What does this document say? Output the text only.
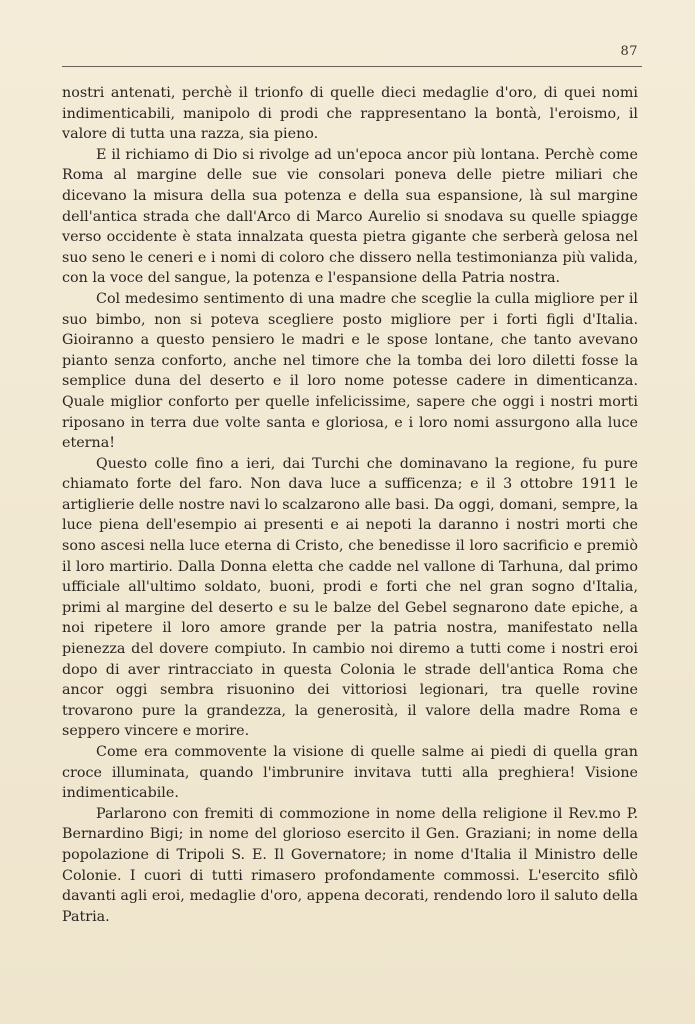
87

nostri antenati, perchè il trionfo di quelle dieci medaglie d'oro, di quei nomi indimenticabili, manipolo di prodi che rappresentano la bontà, l'eroismo, il valore di tutta una razza, sia pieno.

E il richiamo di Dio si rivolge ad un'epoca ancor più lontana. Perchè come Roma al margine delle sue vie consolari poneva delle pietre miliari che dicevano la misura della sua potenza e della sua espansione, là sul margine dell'antica strada che dall'Arco di Marco Aurelio si snodava su quelle spiagge verso occidente è stata innalzata questa pietra gigante che serberà gelosa nel suo seno le ceneri e i nomi di coloro che dissero nella testimonianza più valida, con la voce del sangue, la potenza e l'espansione della Patria nostra.

Col medesimo sentimento di una madre che sceglie la culla migliore per il suo bimbo, non si poteva scegliere posto migliore per i forti figli d'Italia. Gioiranno a questo pensiero le madri e le spose lontane, che tanto avevano pianto senza conforto, anche nel timore che la tomba dei loro diletti fosse la semplice duna del deserto e il loro nome potesse cadere in dimenticanza. Quale miglior conforto per quelle infelicissime, sapere che oggi i nostri morti riposano in terra due volte santa e gloriosa, e i loro nomi assurgono alla luce eterna!

Questo colle fino a ieri, dai Turchi che dominavano la regione, fu pure chiamato forte del faro. Non dava luce a sufficenza; e il 3 ottobre 1911 le artiglierie delle nostre navi lo scalzarono alle basi. Da oggi, domani, sempre, la luce piena dell'esempio ai presenti e ai nepoti la daranno i nostri morti che sono ascesi nella luce eterna di Cristo, che benedisse il loro sacrificio e premiò il loro martirio. Dalla Donna eletta che cadde nel vallone di Tarhuna, dal primo ufficiale all'ultimo soldato, buoni, prodi e forti che nel gran sogno d'Italia, primi al margine del deserto e su le balze del Gebel segnarono date epiche, a noi ripetere il loro amore grande per la patria nostra, manifestato nella pienezza del dovere compiuto. In cambio noi diremo a tutti come i nostri eroi dopo di aver rintracciato in questa Colonia le strade dell'antica Roma che ancor oggi sembra risuonino dei vittoriosi legionari, tra quelle rovine trovarono pure la grandezza, la generosità, il valore della madre Roma e seppero vincere e morire.

Come era commovente la visione di quelle salme ai piedi di quella gran croce illuminata, quando l'imbrunire invitava tutti alla preghiera! Visione indimenticabile.

Parlarono con fremiti di commozione in nome della religione il Rev.mo P. Bernardino Bigi; in nome del glorioso esercito il Gen. Graziani; in nome della popolazione di Tripoli S. E. Il Governatore; in nome d'Italia il Ministro delle Colonie. I cuori di tutti rimasero profondamente commossi. L'esercito sfilò davanti agli eroi, medaglie d'oro, appena decorati, rendendo loro il saluto della Patria.
